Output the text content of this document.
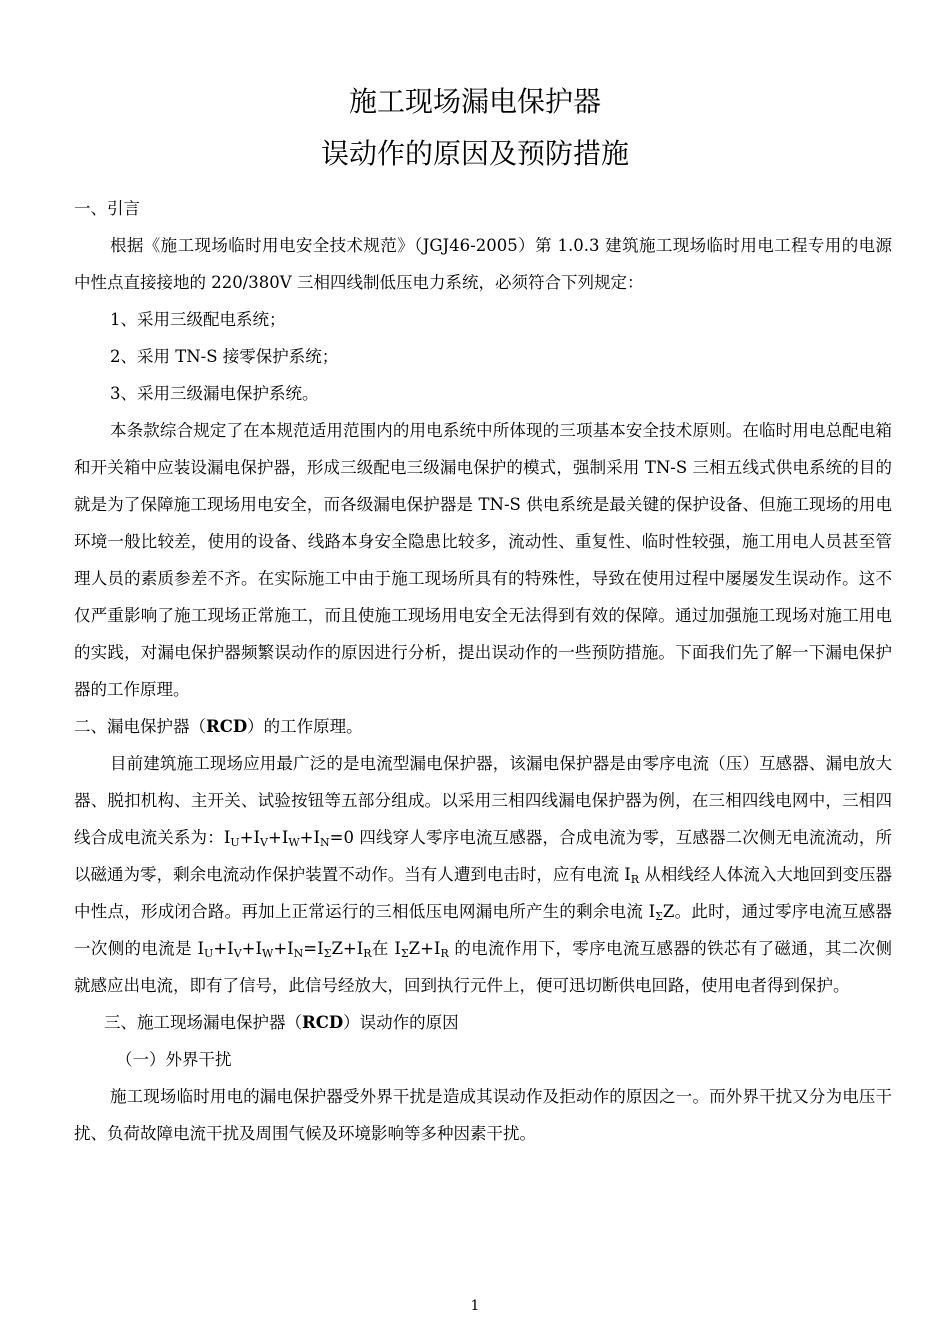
施工现场漏电保护器
误动作的原因及预防措施

一、引言

根据《施工现场临时用电安全技术规范》（JGJ46-2005）第 1.0.3 建筑施工现场临时用电工程专用的电源中性点直接接地的 220/380V 三相四线制低压电力系统，必须符合下列规定：

1、采用三级配电系统；

2、采用 TN-S 接零保护系统；

3、采用三级漏电保护系统。

本条款综合规定了在本规范适用范围内的用电系统中所体现的三项基本安全技术原则。在临时用电总配电箱和开关箱中应装设漏电保护器，形成三级配电三级漏电保护的模式，强制采用 TN-S 三相五线式供电系统的目的就是为了保障施工现场用电安全，而各级漏电保护器是 TN-S 供电系统是最关键的保护设备、但施工现场的用电环境一般比较差，使用的设备、线路本身安全隐患比较多，流动性、重复性、临时性较强，施工用电人员甚至管理人员的素质参差不齐。在实际施工中由于施工现场所具有的特殊性，导致在使用过程中屡屡发生误动作。这不仅严重影响了施工现场正常施工，而且使施工现场用电安全无法得到有效的保障。通过加强施工现场对施工用电的实践，对漏电保护器频繁误动作的原因进行分析，提出误动作的一些预防措施。下面我们先了解一下漏电保护器的工作原理。

二、漏电保护器（RCD）的工作原理。

目前建筑施工现场应用最广泛的是电流型漏电保护器，该漏电保护器是由零序电流（压）互感器、漏电放大器、脱扣机构、主开关、试验按钮等五部分组成。以采用三相四线漏电保护器为例，在三相四线电网中，三相四线合成电流关系为：$I_U+I_V+I_W+I_N=0$ 四线穿人零序电流互感器，合成电流为零，互感器二次侧无电流流动，所以磁通为零，剩余电流动作保护装置不动作。当有人遭到电击时，应有电流 $I_R$ 从相线经人体流入大地回到变压器中性点，形成闭合路。再加上正常运行的三相低压电网漏电所产生的剩余电流 $I_\Sigma Z$。此时，通过零序电流互感器一次侧的电流是 $I_U+I_V+I_W+I_N=I_\Sigma Z+I_R$在 $I_\Sigma Z+I_R$ 的电流作用下，零序电流互感器的铁芯有了磁通，其二次侧就感应出电流，即有了信号，此信号经放大，回到执行元件上，便可迅切断供电回路，使用电者得到保护。

三、施工现场漏电保护器（RCD）误动作的原因

（一）外界干扰

施工现场临时用电的漏电保护器受外界干扰是造成其误动作及拒动作的原因之一。而外界干扰又分为电压干扰、负荷故障电流干扰及周围气候及环境影响等多种因素干扰。

1
